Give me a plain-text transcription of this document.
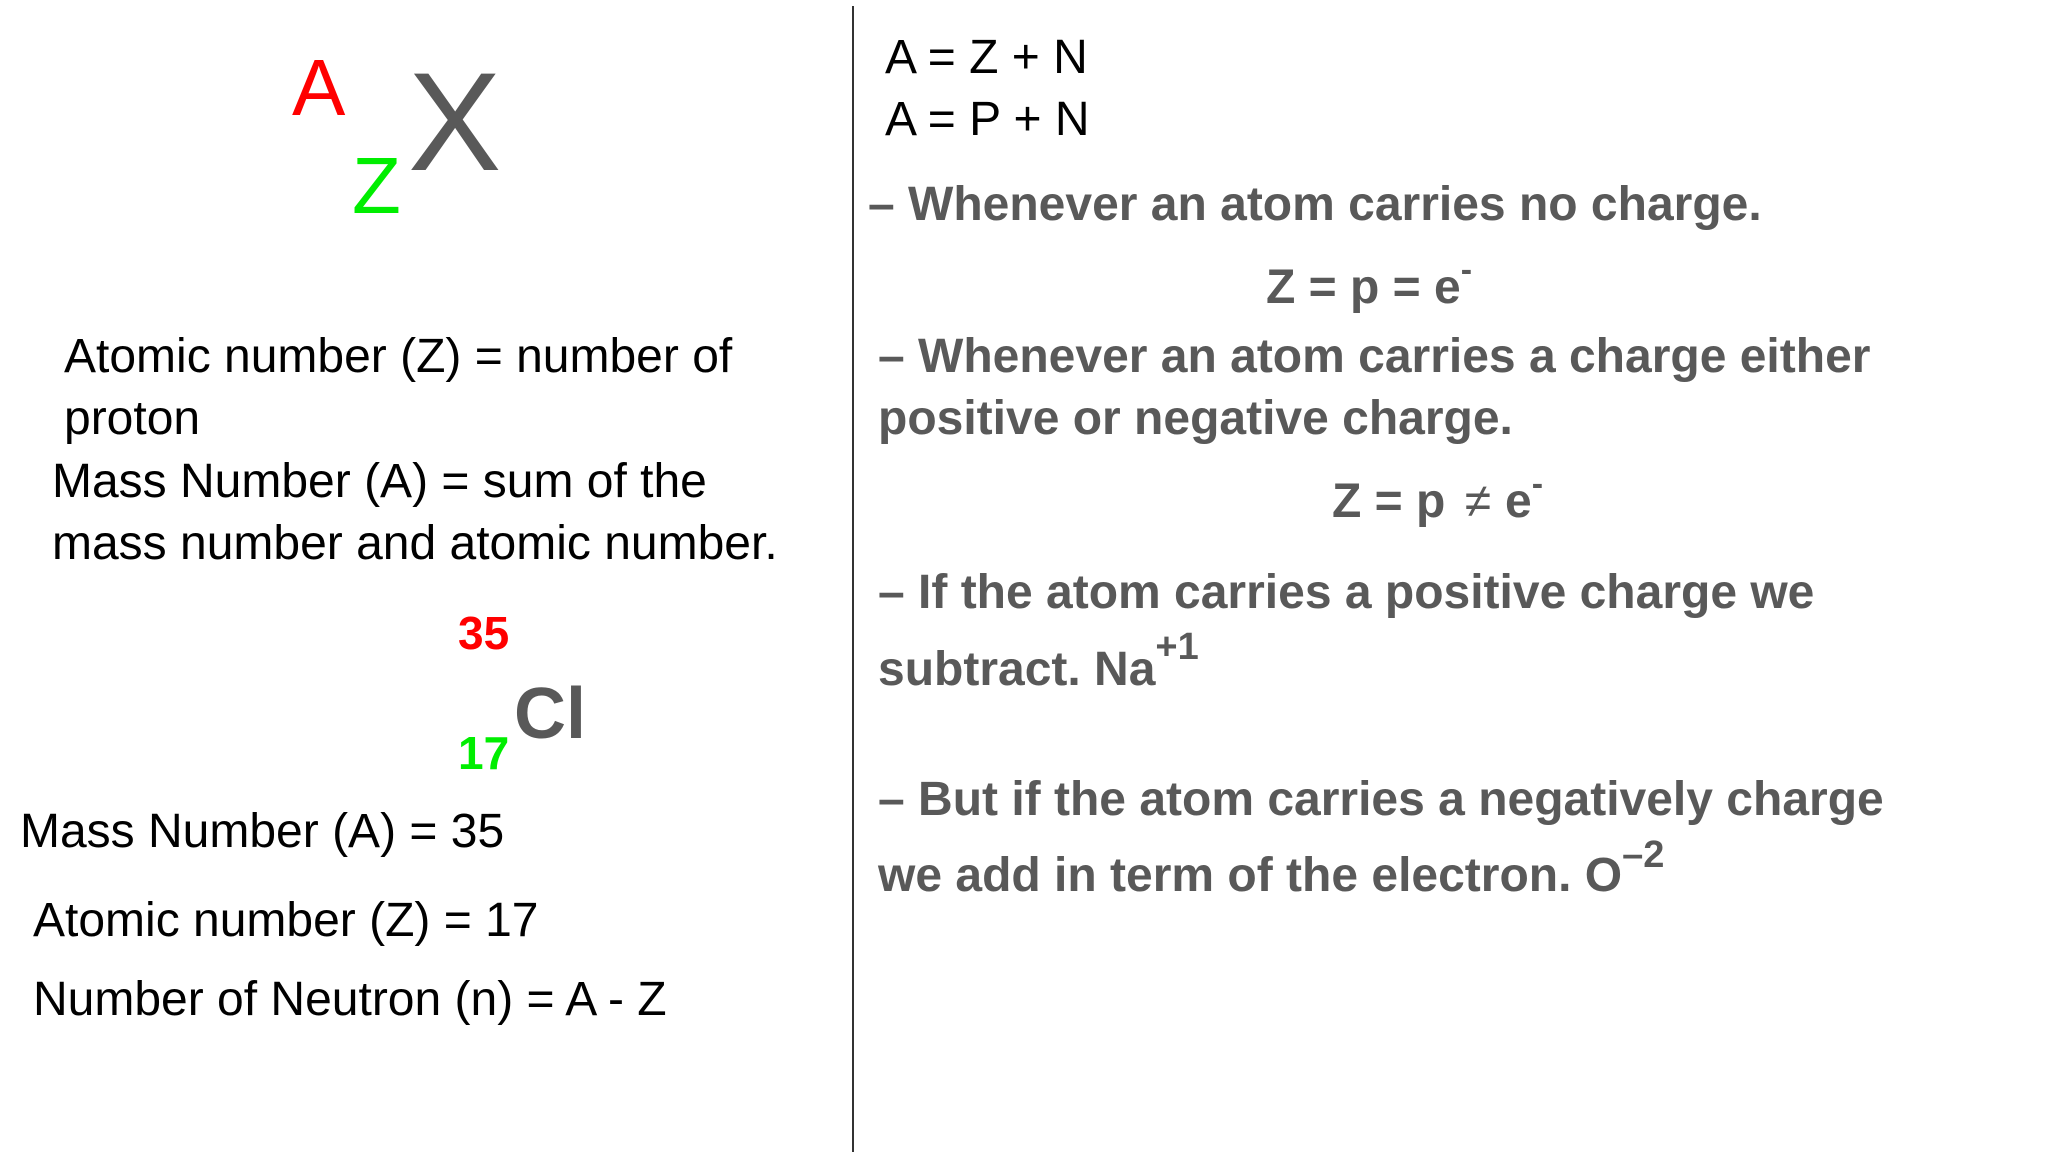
A
Z X
Atomic number (Z) = number of
proton
Mass Number (A) = sum of the
mass number and atomic number.
35
17 Cl
Mass Number (A) = 35
Atomic number (Z) = 17
Number of Neutron (n) = A - Z
A = Z + N
A = P + N
– Whenever an atom carries no charge.
Z = p = e-
– Whenever an atom carries a charge either
positive or negative charge.
Z = p ≠ e-
– If the atom carries a positive charge we
subtract. $Na^{+1}$
– But if the atom carries a negatively charge
we add in term of the electron. $O^{-2}$
